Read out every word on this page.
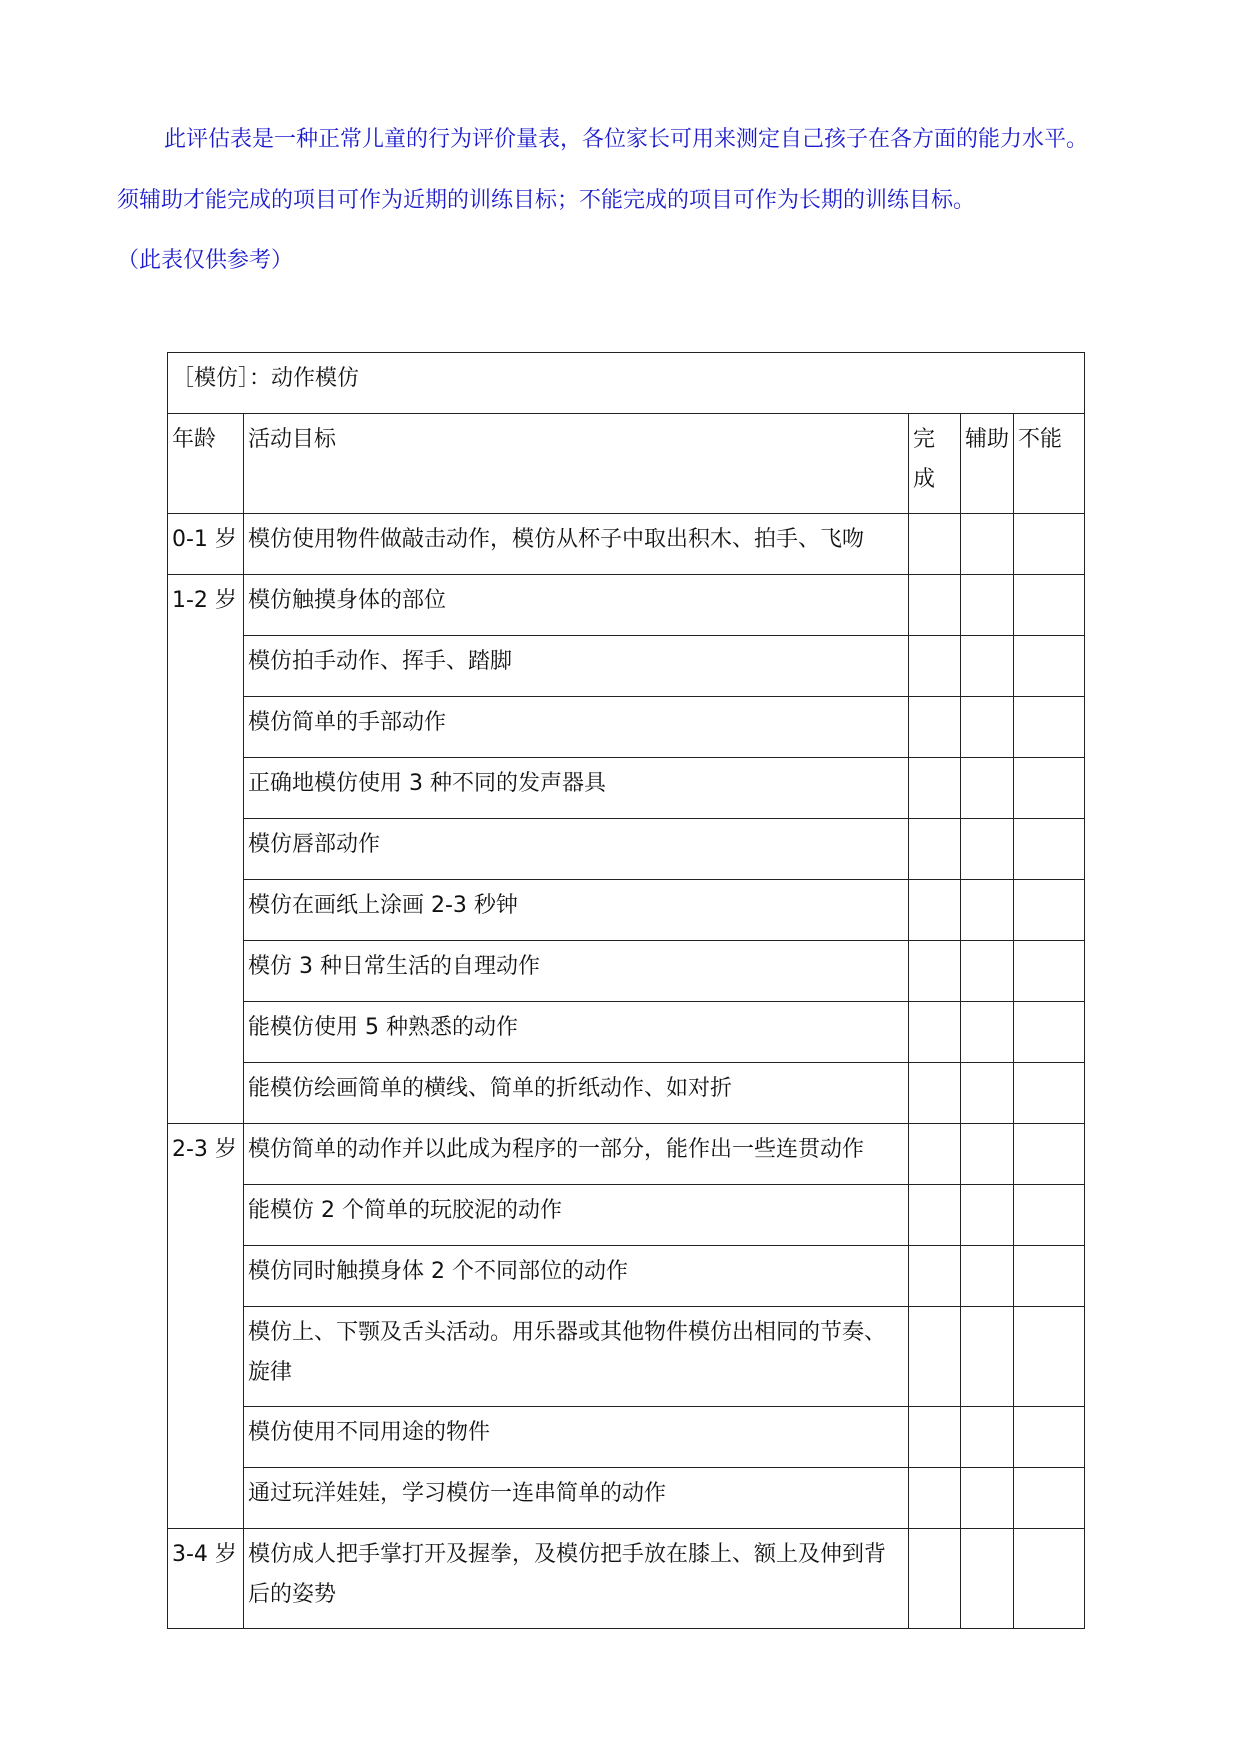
此评估表是一种正常儿童的行为评价量表，各位家长可用来测定自己孩子在各方面的能力水平。
须辅助才能完成的项目可作为近期的训练目标；不能完成的项目可作为长期的训练目标。
（此表仅供参考）
［模仿］：动作模仿				
年龄	活动目标	完成	辅助	不能
0-1 岁	模仿使用物件做敲击动作，模仿从杯子中取出积木、拍手、飞吻			
1-2 岁	模仿触摸身体的部位			
	模仿拍手动作、挥手、踏脚			
	模仿简单的手部动作			
	正确地模仿使用 3 种不同的发声器具			
	模仿唇部动作			
	模仿在画纸上涂画 2-3 秒钟			
	模仿 3 种日常生活的自理动作			
	能模仿使用 5 种熟悉的动作			
	能模仿绘画简单的横线、简单的折纸动作、如对折			
2-3 岁	模仿简单的动作并以此成为程序的一部分，能作出一些连贯动作			
	能模仿 2 个简单的玩胶泥的动作			
	模仿同时触摸身体 2 个不同部位的动作			
	模仿上、下颚及舌头活动。用乐器或其他物件模仿出相同的节奏、旋律			
	模仿使用不同用途的物件			
	通过玩洋娃娃，学习模仿一连串简单的动作			
3-4 岁	模仿成人把手掌打开及握拳，及模仿把手放在膝上、额上及伸到背后的姿势			
